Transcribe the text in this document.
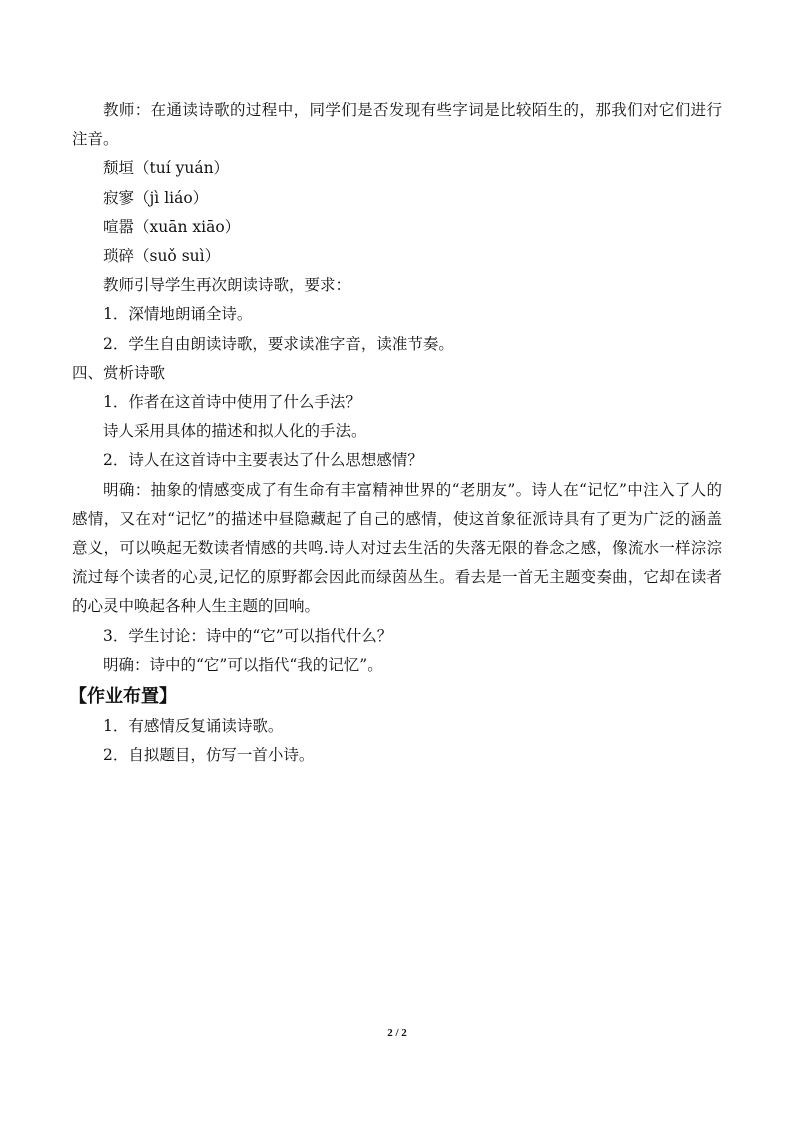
教师：在通读诗歌的过程中，同学们是否发现有些字词是比较陌生的，那我们对它们进行注音。

颓垣（tuí yuán）

寂寥（jì liáo）

喧嚣（xuān xiāo）

琐碎（suǒ suì）

教师引导学生再次朗读诗歌，要求：

1．深情地朗诵全诗。

2．学生自由朗读诗歌，要求读准字音，读准节奏。

四、赏析诗歌

1．作者在这首诗中使用了什么手法？

诗人采用具体的描述和拟人化的手法。

2．诗人在这首诗中主要表达了什么思想感情？

明确：抽象的情感变成了有生命有丰富精神世界的“老朋友”。诗人在“记忆”中注入了人的感情，又在对“记忆”的描述中昼隐藏起了自己的感情，使这首象征派诗具有了更为广泛的涵盖意义，可以唤起无数读者情感的共鸣.诗人对过去生活的失落无限的眷念之感，像流水一样淙淙流过每个读者的心灵,记忆的原野都会因此而绿茵丛生。看去是一首无主题变奏曲，它却在读者的心灵中唤起各种人生主题的回响。

3．学生讨论：诗中的“它”可以指代什么？

明确：诗中的“它”可以指代“我的记忆”。

【作业布置】

1．有感情反复诵读诗歌。

2．自拟题目，仿写一首小诗。

2 / 2
